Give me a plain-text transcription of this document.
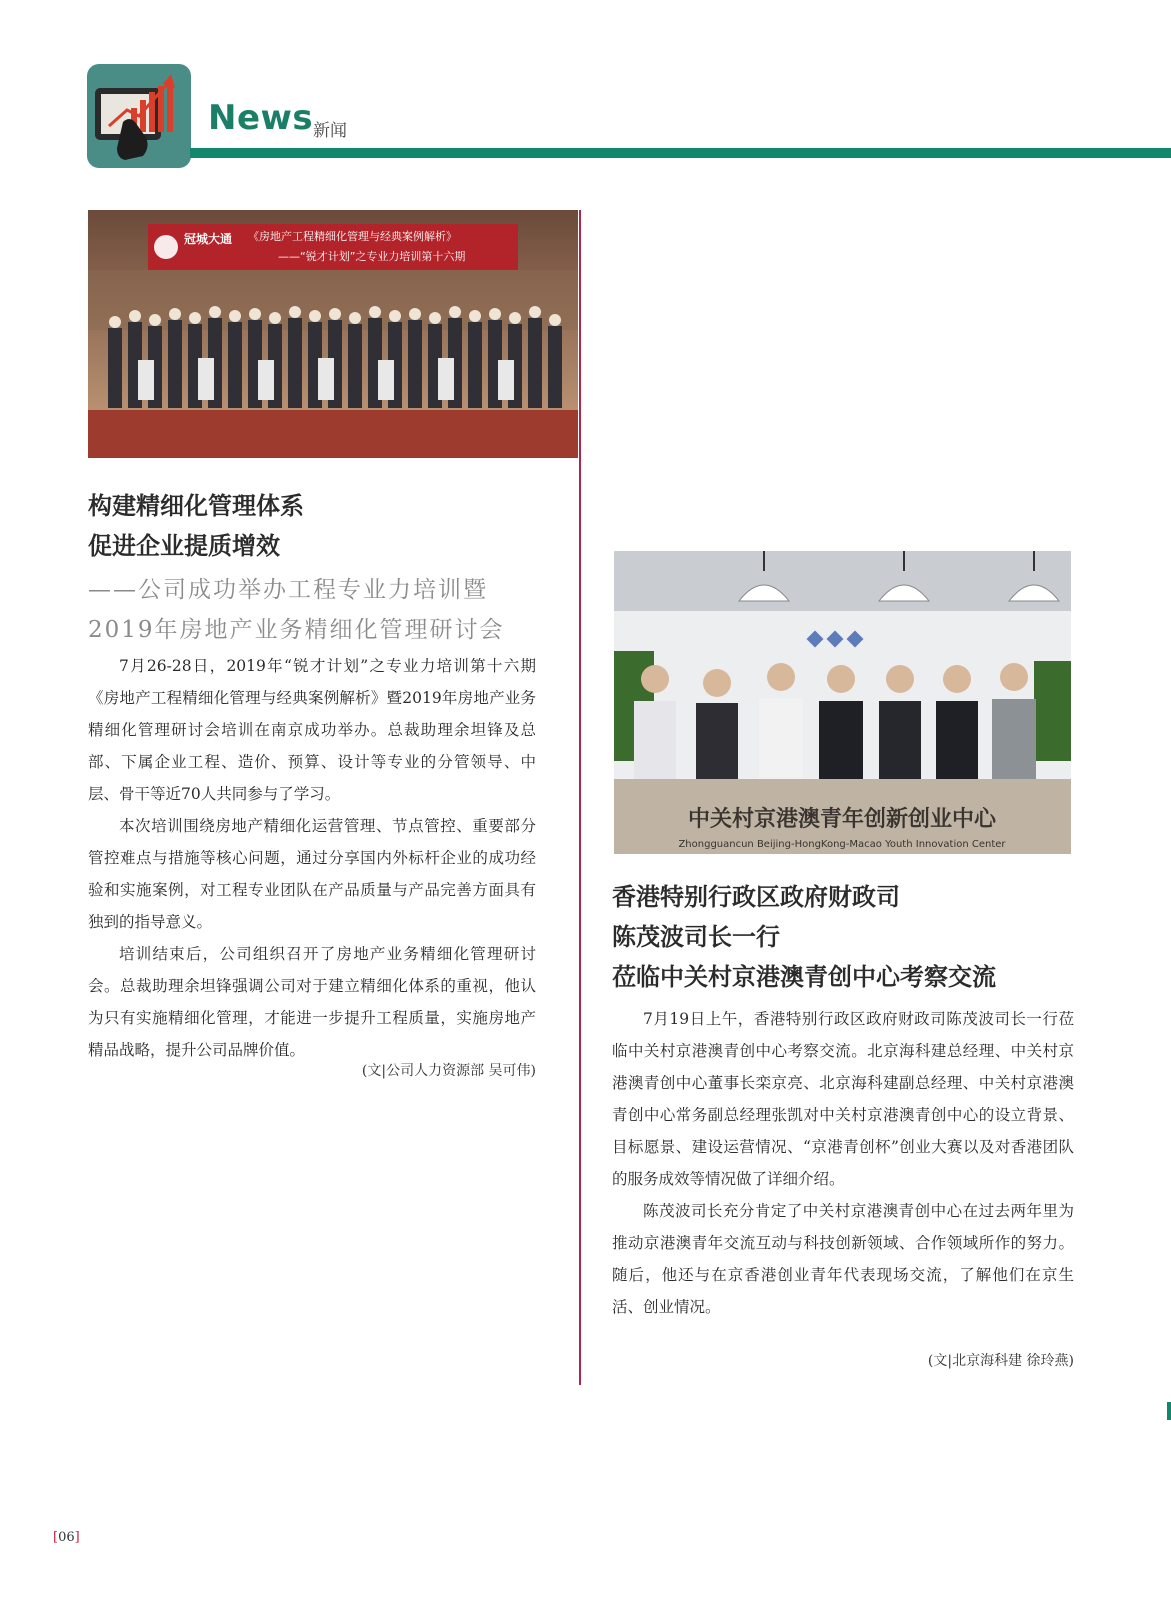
News 新闻
冠城大通 《房地产工程精细化管理与经典案例解析》
——“锐才计划”之专业力培训第十六期
构建精细化管理体系
促进企业提质增效
——公司成功举办工程专业力培训暨
2019年房地产业务精细化管理研讨会

7月26-28日，2019年“锐才计划”之专业力培训第十六期《房地产工程精细化管理与经典案例解析》暨2019年房地产业务精细化管理研讨会培训在南京成功举办。总裁助理余坦锋及总部、下属企业工程、造价、预算、设计等专业的分管领导、中层、骨干等近70人共同参与了学习。

本次培训围绕房地产精细化运营管理、节点管控、重要部分管控难点与措施等核心问题，通过分享国内外标杆企业的成功经验和实施案例，对工程专业团队在产品质量与产品完善方面具有独到的指导意义。

培训结束后，公司组织召开了房地产业务精细化管理研讨会。总裁助理余坦锋强调公司对于建立精细化体系的重视，他认为只有实施精细化管理，才能进一步提升工程质量，实施房地产精品战略，提升公司品牌价值。

(文|公司人力资源部 吴可伟)
中关村京港澳青年创新创业中心
Zhongguancun Beijing-HongKong-Macao Youth Innovation Center
香港特别行政区政府财政司
陈茂波司长一行
莅临中关村京港澳青创中心考察交流

7月19日上午，香港特别行政区政府财政司陈茂波司长一行莅临中关村京港澳青创中心考察交流。北京海科建总经理、中关村京港澳青创中心董事长栾京亮、北京海科建副总经理、中关村京港澳青创中心常务副总经理张凯对中关村京港澳青创中心的设立背景、目标愿景、建设运营情况、“京港青创杯”创业大赛以及对香港团队的服务成效等情况做了详细介绍。

陈茂波司长充分肯定了中关村京港澳青创中心在过去两年里为推动京港澳青年交流互动与科技创新领域、合作领域所作的努力。随后，他还与在京香港创业青年代表现场交流，了解他们在京生活、创业情况。

(文|北京海科建 徐玲燕)
[06]
